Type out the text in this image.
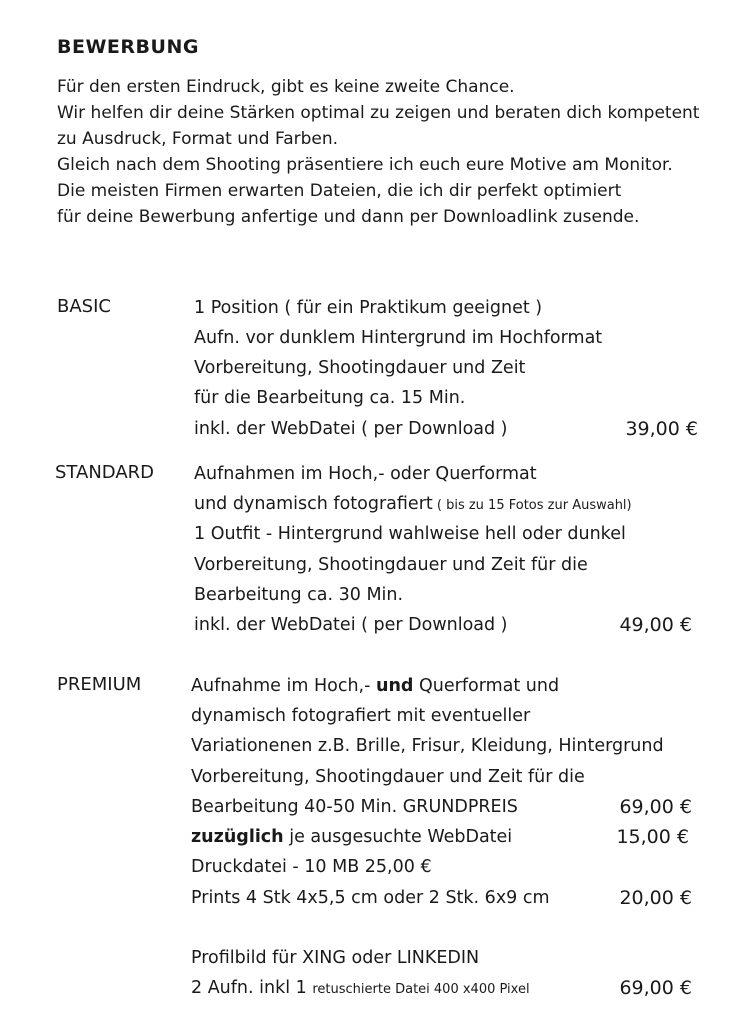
BEWERBUNG
Für den ersten Eindruck, gibt es keine zweite Chance.
Wir helfen dir deine Stärken optimal zu zeigen und beraten dich kompetent
zu Ausdruck, Format und Farben.
Gleich nach dem Shooting präsentiere ich euch eure Motive am Monitor.
Die meisten Firmen erwarten Dateien, die ich dir perfekt optimiert
für deine Bewerbung anfertige und dann per Downloadlink zusende.
BASIC	1 Position ( für ein Praktikum geeignet )
Aufn. vor dunklem Hintergrund im Hochformat
Vorbereitung, Shootingdauer und Zeit
für die Bearbeitung ca. 15 Min.
inkl. der WebDatei ( per Download )	39,00 €
STANDARD Aufnahmen im Hoch,- oder Querformat
und dynamisch fotografiert ( bis zu 15 Fotos zur Auswahl)
1 Outfit - Hintergrund wahlweise hell oder dunkel
Vorbereitung, Shootingdauer und Zeit für die
Bearbeitung ca. 30 Min.
inkl. der WebDatei ( per Download )	49,00 €
PREMIUM	Aufnahme im Hoch,- und Querformat und
dynamisch fotografiert mit eventueller
Variationenen z.B. Brille, Frisur, Kleidung, Hintergrund
Vorbereitung, Shootingdauer und Zeit für die
Bearbeitung 40-50 Min. GRUNDPREIS	69,00 €
zuzüglich je ausgesuchte WebDatei	15,00 €
Druckdatei - 10 MB 25,00 €
Prints 4 Stk 4x5,5 cm oder 2 Stk. 6x9 cm	20,00 €
Profilbild für XING oder LINKEDIN
2 Aufn. inkl 1 retuschierte Datei 400 x400 Pixel	69,00 €
